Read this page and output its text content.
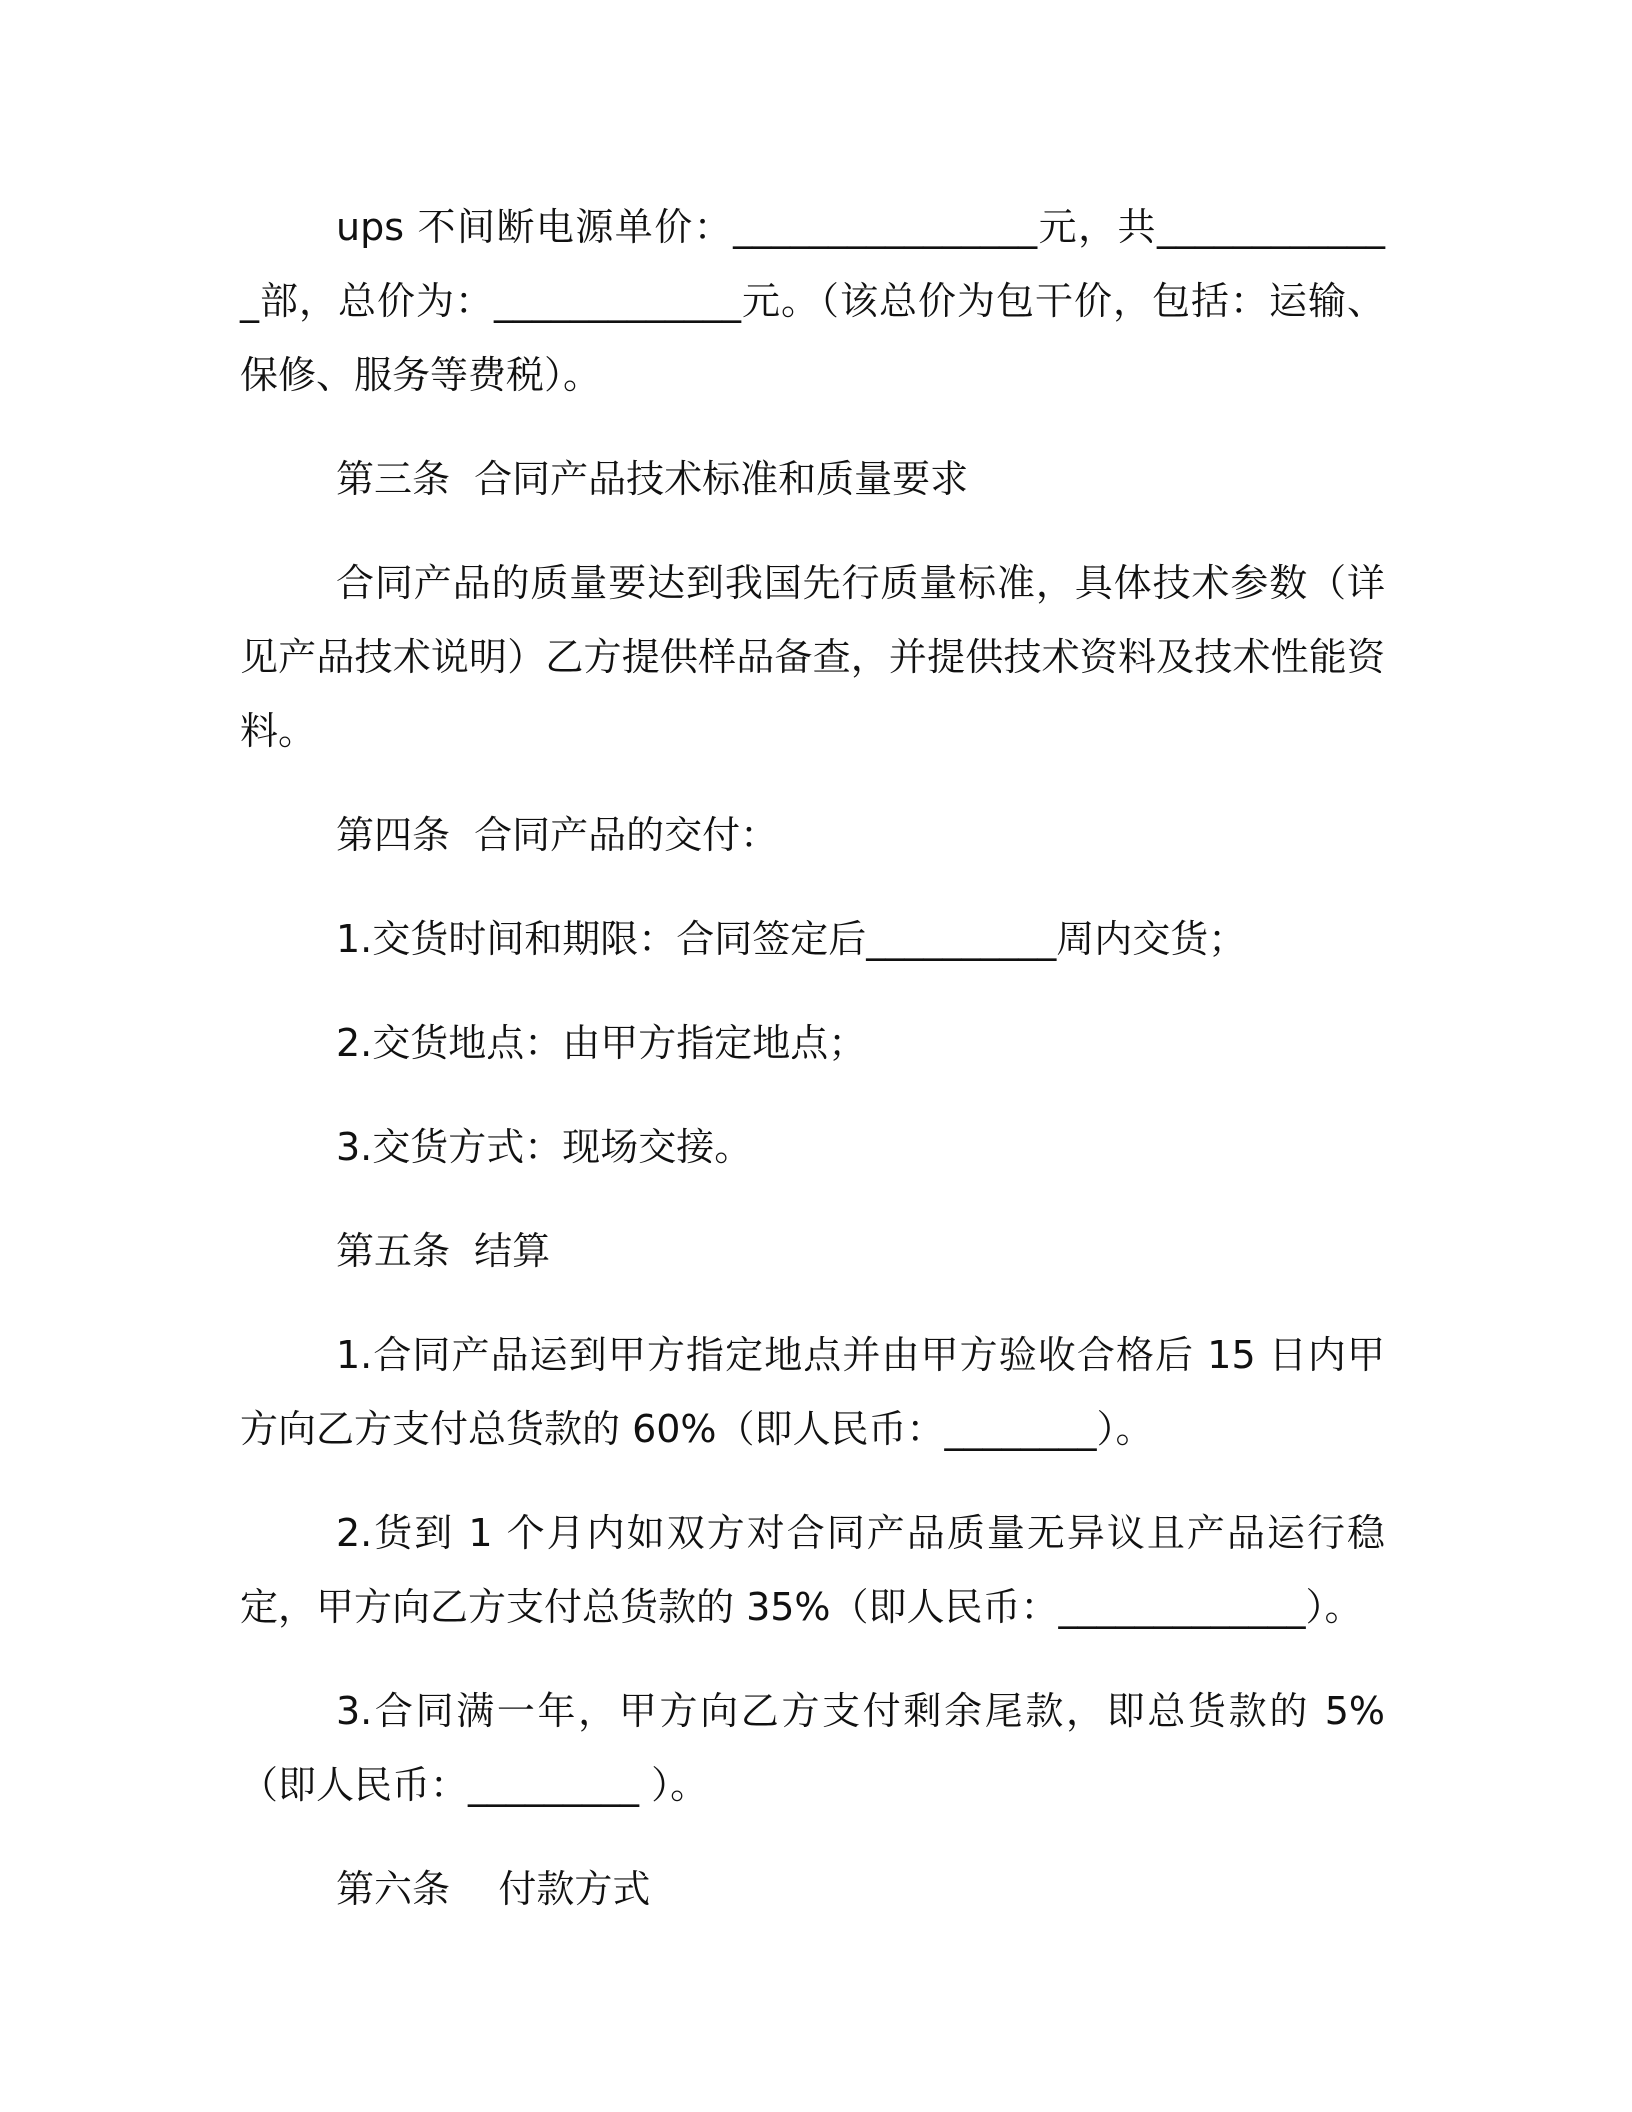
ups 不间断电源单价：________________元，共_____________部，总价为：_____________元。（该总价为包干价，包括：运输、保修、服务等费税）。

第三条  合同产品技术标准和质量要求

合同产品的质量要达到我国先行质量标准，具体技术参数（详见产品技术说明）乙方提供样品备查，并提供技术资料及技术性能资料。

第四条  合同产品的交付：

1.交货时间和期限：合同签定后__________周内交货；

2.交货地点：由甲方指定地点；

3.交货方式：现场交接。

第五条  结算

1.合同产品运到甲方指定地点并由甲方验收合格后 15 日内甲方向乙方支付总货款的 60%（即人民币：________）。

2.货到 1 个月内如双方对合同产品质量无异议且产品运行稳定，甲方向乙方支付总货款的 35%（即人民币：_____________）。

3.合同满一年，甲方向乙方支付剩余尾款，即总货款的 5%（即人民币：_________ ）。

第六条    付款方式
